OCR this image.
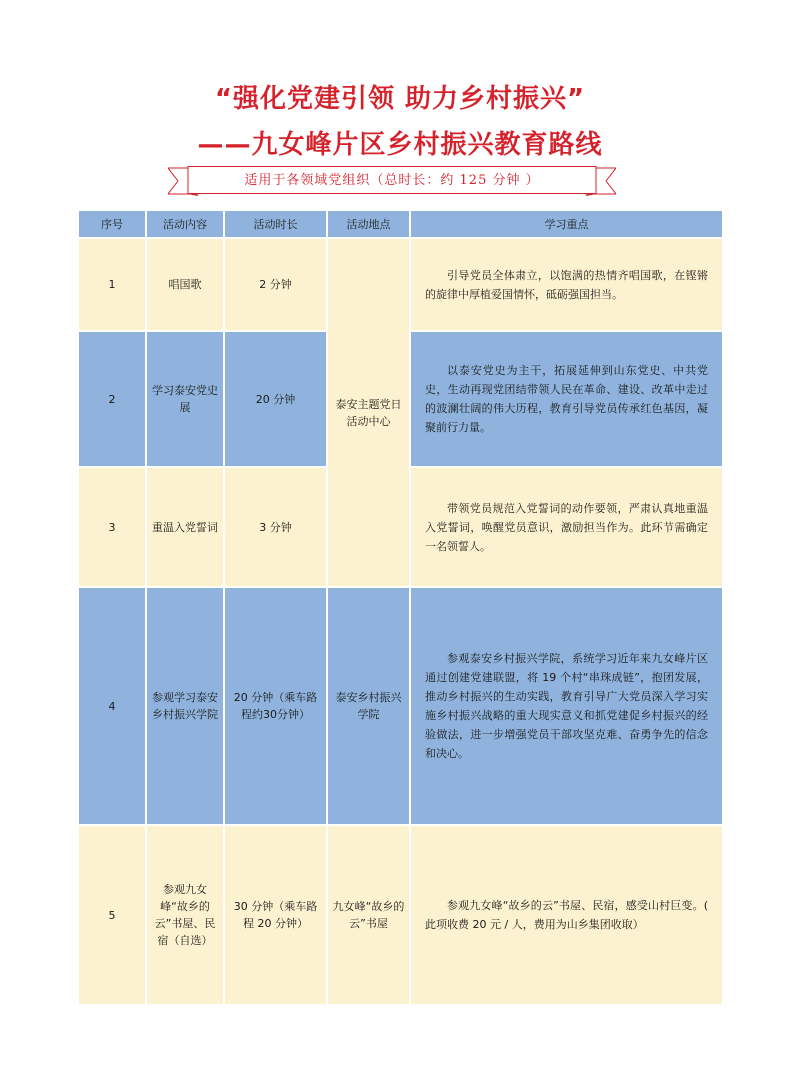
“强化党建引领 助力乡村振兴”
——九女峰片区乡村振兴教育路线
适用于各领域党组织（总时长：约 125 分钟 ）
序号	活动内容	活动时长	活动地点	学习重点
1	唱国歌	2 分钟	泰安主题党日活动中心	引导党员全体肃立，以饱满的热情齐唱国歌，在铿锵的旋律中厚植爱国情怀，砥砺强国担当。

2	学习泰安党史展	20 分钟		以泰安党史为主干，拓展延伸到山东党史、中共党史，生动再现党团结带领人民在革命、建设、改革中走过的波澜壮阔的伟大历程，教育引导党员传承红色基因，凝聚前行力量。

3	重温入党誓词	3 分钟		带领党员规范入党誓词的动作要领，严肃认真地重温入党誓词，唤醒党员意识，激励担当作为。此环节需确定一名领誓人。

4	参观学习泰安乡村振兴学院	20 分钟（乘车路程约30分钟）	泰安乡村振兴学院	参观泰安乡村振兴学院，系统学习近年来九女峰片区通过创建党建联盟，将 19 个村“串珠成链”，抱团发展，推动乡村振兴的生动实践，教育引导广大党员深入学习实施乡村振兴战略的重大现实意义和抓党建促乡村振兴的经验做法，进一步增强党员干部攻坚克难、奋勇争先的信念和决心。

5	参观九女峰“故乡的云”书屋、民宿（自选）	30 分钟（乘车路程 20 分钟）	九女峰“故乡的云”书屋	参观九女峰“故乡的云”书屋、民宿，感受山村巨变。( 此项收费 20 元 / 人，费用为山乡集团收取）
